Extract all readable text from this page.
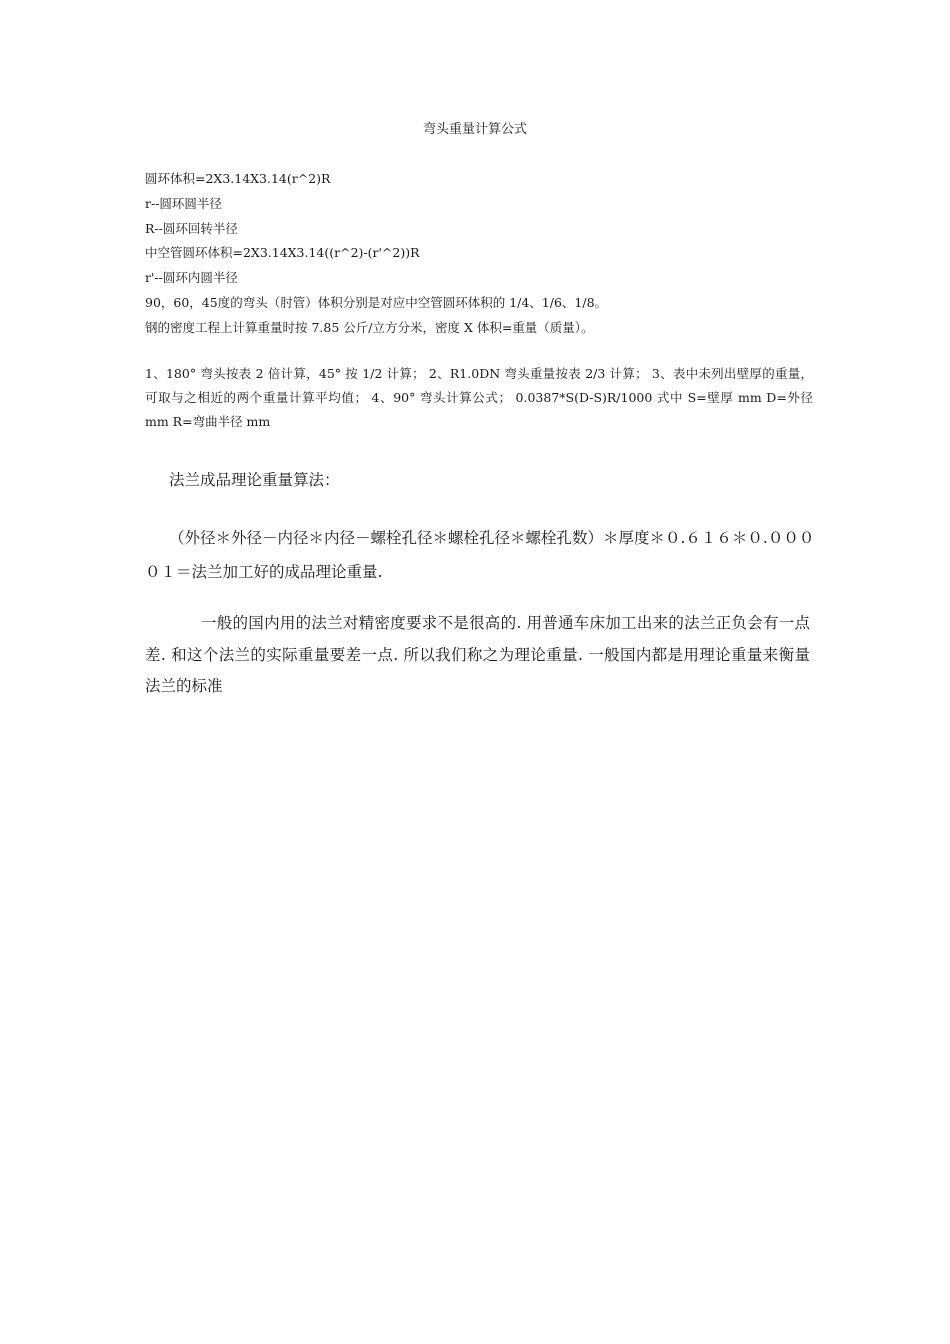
弯头重量计算公式
圆环体积=2X3.14X3.14(r^2)R
r--圆环圆半径
R--圆环回转半径
中空管圆环体积=2X3.14X3.14((r^2)-(r'^2))R
r'--圆环内圆半径
90，60，45度的弯头（肘管）体积分别是对应中空管圆环体积的 1/4、1/6、1/8。
钢的密度工程上计算重量时按 7.85 公斤/立方分米，密度 X 体积=重量（质量）。
1、180° 弯头按表 2 倍计算，45° 按 1/2 计算； 2、R1.0DN 弯头重量按表 2/3 计算； 3、表中未列出壁厚的重量，可取与之相近的两个重量计算平均值； 4、90° 弯头计算公式； 0.0387*S(D-S)R/1000 式中 S=壁厚 mm D=外径 mm R=弯曲半径 mm
法兰成品理论重量算法：
（外径＊外径－内径＊内径－螺栓孔径＊螺栓孔径＊螺栓孔数）＊厚度＊０.６１６＊０.００００１＝法兰加工好的成品理论重量.
一般的国内用的法兰对精密度要求不是很高的. 用普通车床加工出来的法兰正负会有一点差. 和这个法兰的实际重量要差一点. 所以我们称之为理论重量. 一般国内都是用理论重量来衡量法兰的标准
